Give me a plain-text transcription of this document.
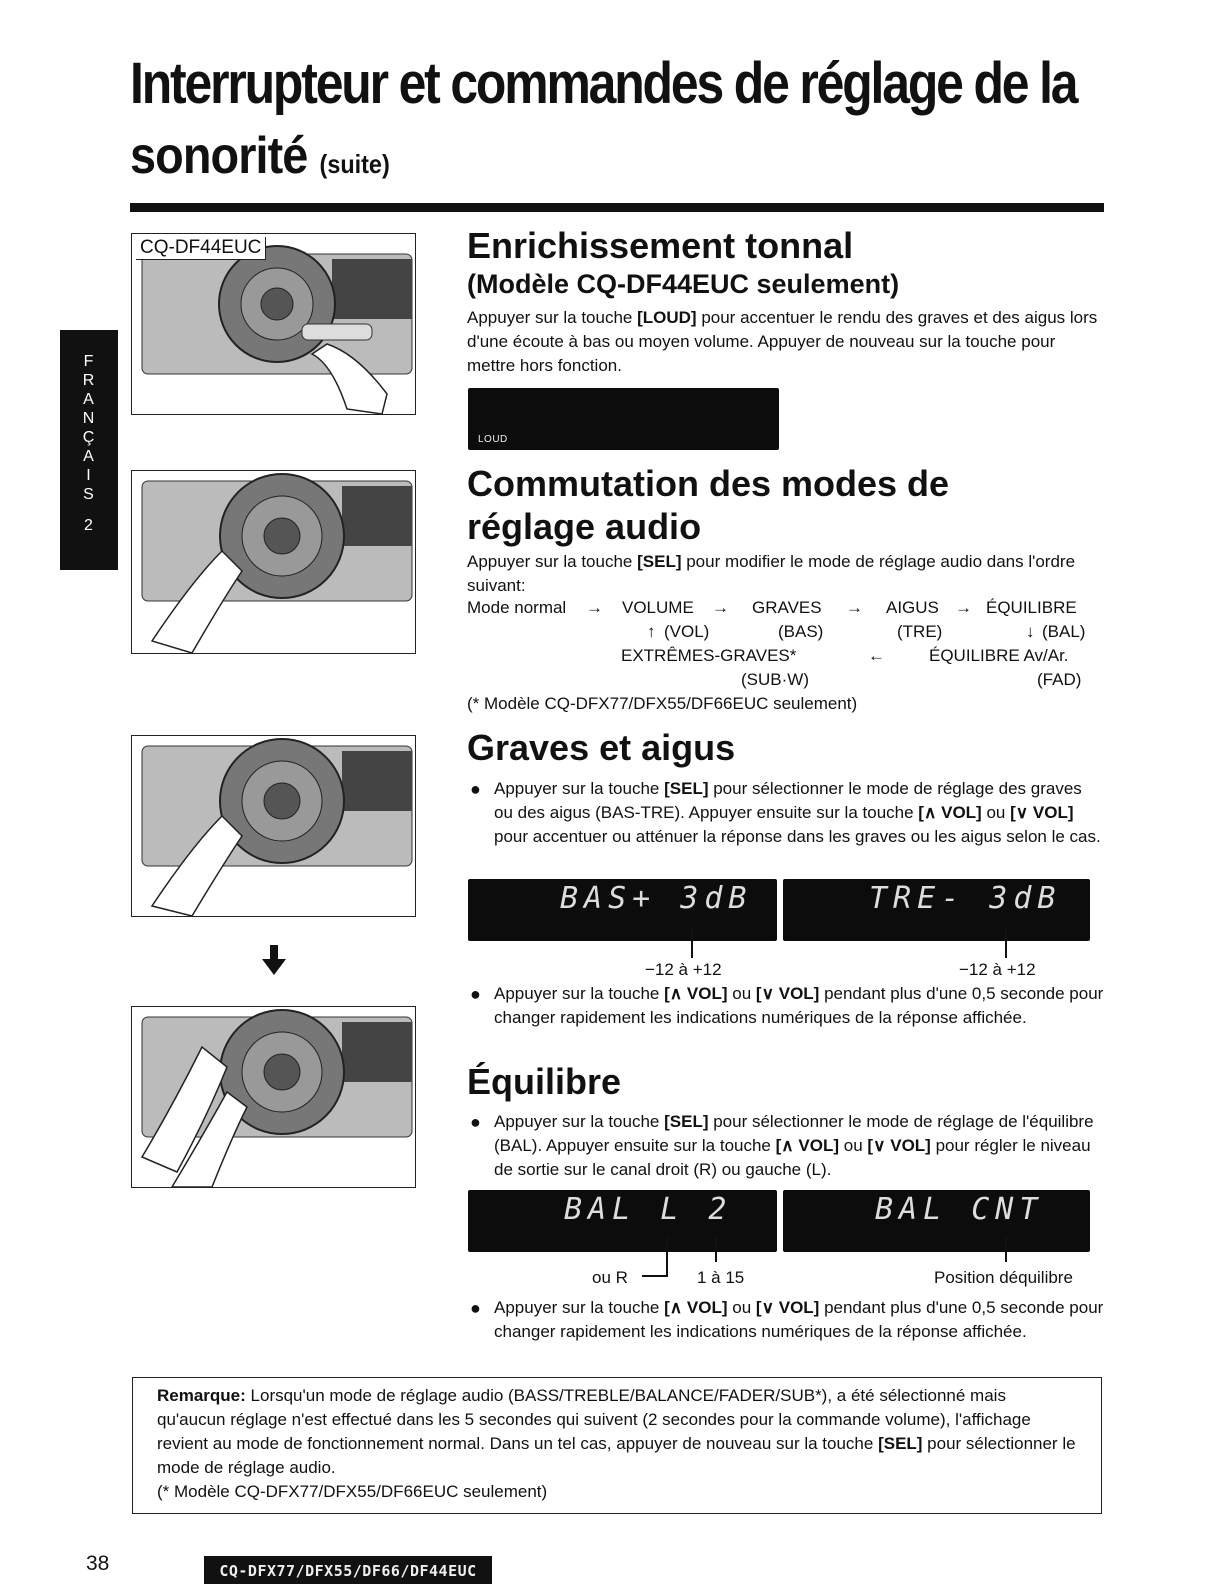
Interrupteur et commandes de réglage de la
sonorité (suite)
F
R
A
N
Ç
A
I
S
2
CQ-DF44EUC	Enrichissement tonnal
(Modèle CQ-DF44EUC seulement)
Appuyer sur la touche [LOUD] pour accentuer le rendu des graves et des aigus lors d'une écoute à bas ou moyen volume. Appuyer de nouveau sur la touche pour mettre hors fonction.
LOUD
Commutation des modes de
réglage audio
Appuyer sur la touche [SEL] pour modifier le mode de réglage audio dans l'ordre suivant:
Mode normal → VOLUME → GRAVES → AIGUS → ÉQUILIBRE
↑ (VOL)	(BAS)	(TRE)	↓ (BAL)
EXTRÊMES-GRAVES*	←	ÉQUILIBRE Av/Ar.
(SUB·W)	(FAD)
(* Modèle CQ-DFX77/DFX55/DF66EUC seulement)
Graves et aigus
● Appuyer sur la touche [SEL] pour sélectionner le mode de réglage des graves ou des aigus (BAS-TRE). Appuyer ensuite sur la touche [∧ VOL] ou [∨ VOL] pour accentuer ou atténuer la réponse dans les graves ou les aigus selon le cas.
BAS+ 3dB	TRE- 3dB
−12 à +12	−12 à +12
● Appuyer sur la touche [∧ VOL] ou [∨ VOL] pendant plus d'une 0,5 seconde pour changer rapidement les indications numériques de la réponse affichée.
Équilibre
● Appuyer sur la touche [SEL] pour sélectionner le mode de réglage de l'équilibre (BAL). Appuyer ensuite sur la touche [∧ VOL] ou [∨ VOL] pour régler le niveau de sortie sur le canal droit (R) ou gauche (L).
BAL L 2	BAL CNT
ou R	1 à 15	Position déquilibre
● Appuyer sur la touche [∧ VOL] ou [∨ VOL] pendant plus d'une 0,5 seconde pour changer rapidement les indications numériques de la réponse affichée.
Remarque: Lorsqu'un mode de réglage audio (BASS/TREBLE/BALANCE/FADER/SUB*), a été sélectionné mais qu'aucun réglage n'est effectué dans les 5 secondes qui suivent (2 secondes pour la commande volume), l'affichage revient au mode de fonctionnement normal. Dans un tel cas, appuyer de nouveau sur la touche [SEL] pour sélectionner le mode de réglage audio.
(* Modèle CQ-DFX77/DFX55/DF66EUC seulement)
38	CQ-DFX77/DFX55/DF66/DF44EUC
